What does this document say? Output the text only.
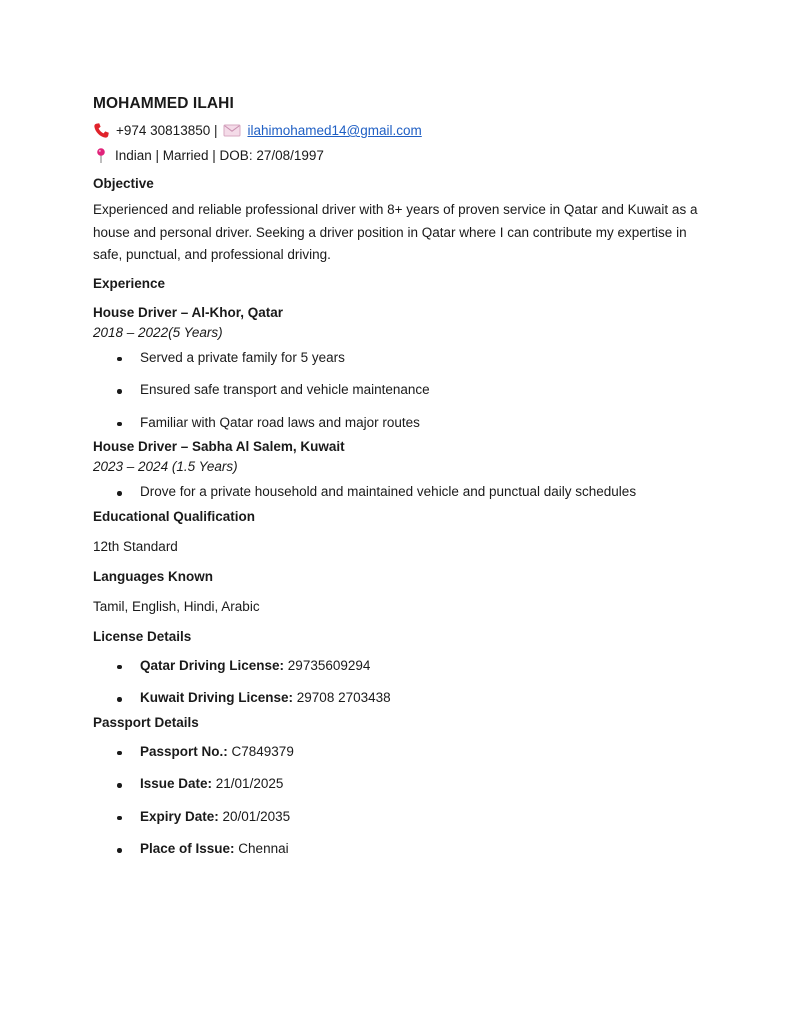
MOHAMMED ILAHI
+974 30813850 | ilahimohamed14@gmail.com
Indian | Married | DOB: 27/08/1997
Objective

Experienced and reliable professional driver with 8+ years of proven service in Qatar and Kuwait as a house and personal driver. Seeking a driver position in Qatar where I can contribute my expertise in safe, punctual, and professional driving.

Experience
House Driver – Al-Khor, Qatar
2018 – 2022(5 Years)
Served a private family for 5 years
Ensured safe transport and vehicle maintenance
Familiar with Qatar road laws and major routes
House Driver – Sabha Al Salem, Kuwait
2023 – 2024 (1.5 Years)
Drove for a private household and maintained vehicle and punctual daily schedules
Educational Qualification
12th Standard
Languages Known
Tamil, English, Hindi, Arabic
License Details
Qatar Driving License: 29735609294
Kuwait Driving License: 29708 2703438
Passport Details
Passport No.: C7849379
Issue Date: 21/01/2025
Expiry Date: 20/01/2035
Place of Issue: Chennai
